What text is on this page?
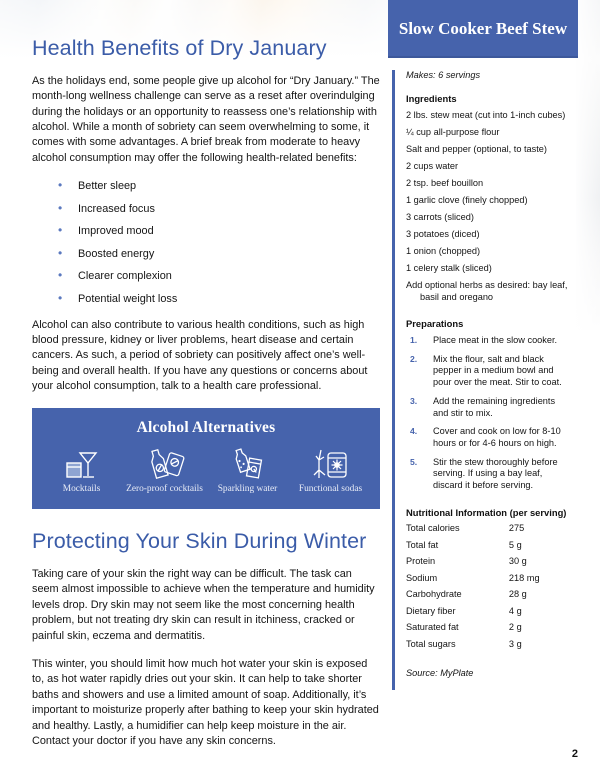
Health Benefits of Dry January

As the holidays end, some people give up alcohol for “Dry January.” The month-long wellness challenge can serve as a reset after overindulging during the holidays or an opportunity to reassess one’s relationship with alcohol. While a month of sobriety can seem overwhelming to some, it comes with some advantages. A brief break from moderate to heavy alcohol consumption may offer the following health-related benefits:

• Better sleep
• Increased focus
• Improved mood
• Boosted energy
• Clearer complexion
• Potential weight loss

Alcohol can also contribute to various health conditions, such as high blood pressure, kidney or liver problems, heart disease and certain cancers. As such, a period of sobriety can positively affect one’s well-being and overall health. If you have any questions or concerns about your alcohol consumption, talk to a health care professional.

Alcohol Alternatives
Mocktails	Zero-proof cocktails	Sparkling water	Functional sodas
Protecting Your Skin During Winter

Taking care of your skin the right way can be difficult. The task can seem almost impossible to achieve when the temperature and humidity levels drop. Dry skin may not seem like the most concerning health problem, but not treating dry skin can result in itchiness, cracked or painful skin, eczema and dermatitis.

This winter, you should limit how much hot water your skin is exposed to, as hot water rapidly dries out your skin. It can help to take shorter baths and showers and use a limited amount of soap. Additionally, it’s important to moisturize properly after bathing to keep your skin hydrated and healthy. Lastly, a humidifier can help keep moisture in the air. Contact your doctor if you have any skin concerns.

Slow Cooker Beef Stew
Makes: 6 servings
Ingredients
2 lbs. stew meat (cut into 1-inch cubes)
¼ cup all-purpose flour
Salt and pepper (optional, to taste)
2 cups water
2 tsp. beef bouillon
1 garlic clove (finely chopped)
3 carrots (sliced)
3 potatoes (diced)
1 onion (chopped)
1 celery stalk (sliced)
Add optional herbs as desired: bay leaf, basil and oregano
Preparations
Place meat in the slow cooker.
Mix the flour, salt and black pepper in a medium bowl and pour over the meat. Stir to coat.
Add the remaining ingredients and stir to mix.
Cover and cook on low for 8-10 hours or for 4-6 hours on high.
Stir the stew thoroughly before serving. If using a bay leaf, discard it before serving.
Nutritional Information (per serving)
Total calories	275
Total fat	5 g
Protein	30 g
Sodium	218 mg
Carbohydrate	28 g
Dietary fiber	4 g
Saturated fat	2 g
Total sugars	3 g
Source: MyPlate
2
